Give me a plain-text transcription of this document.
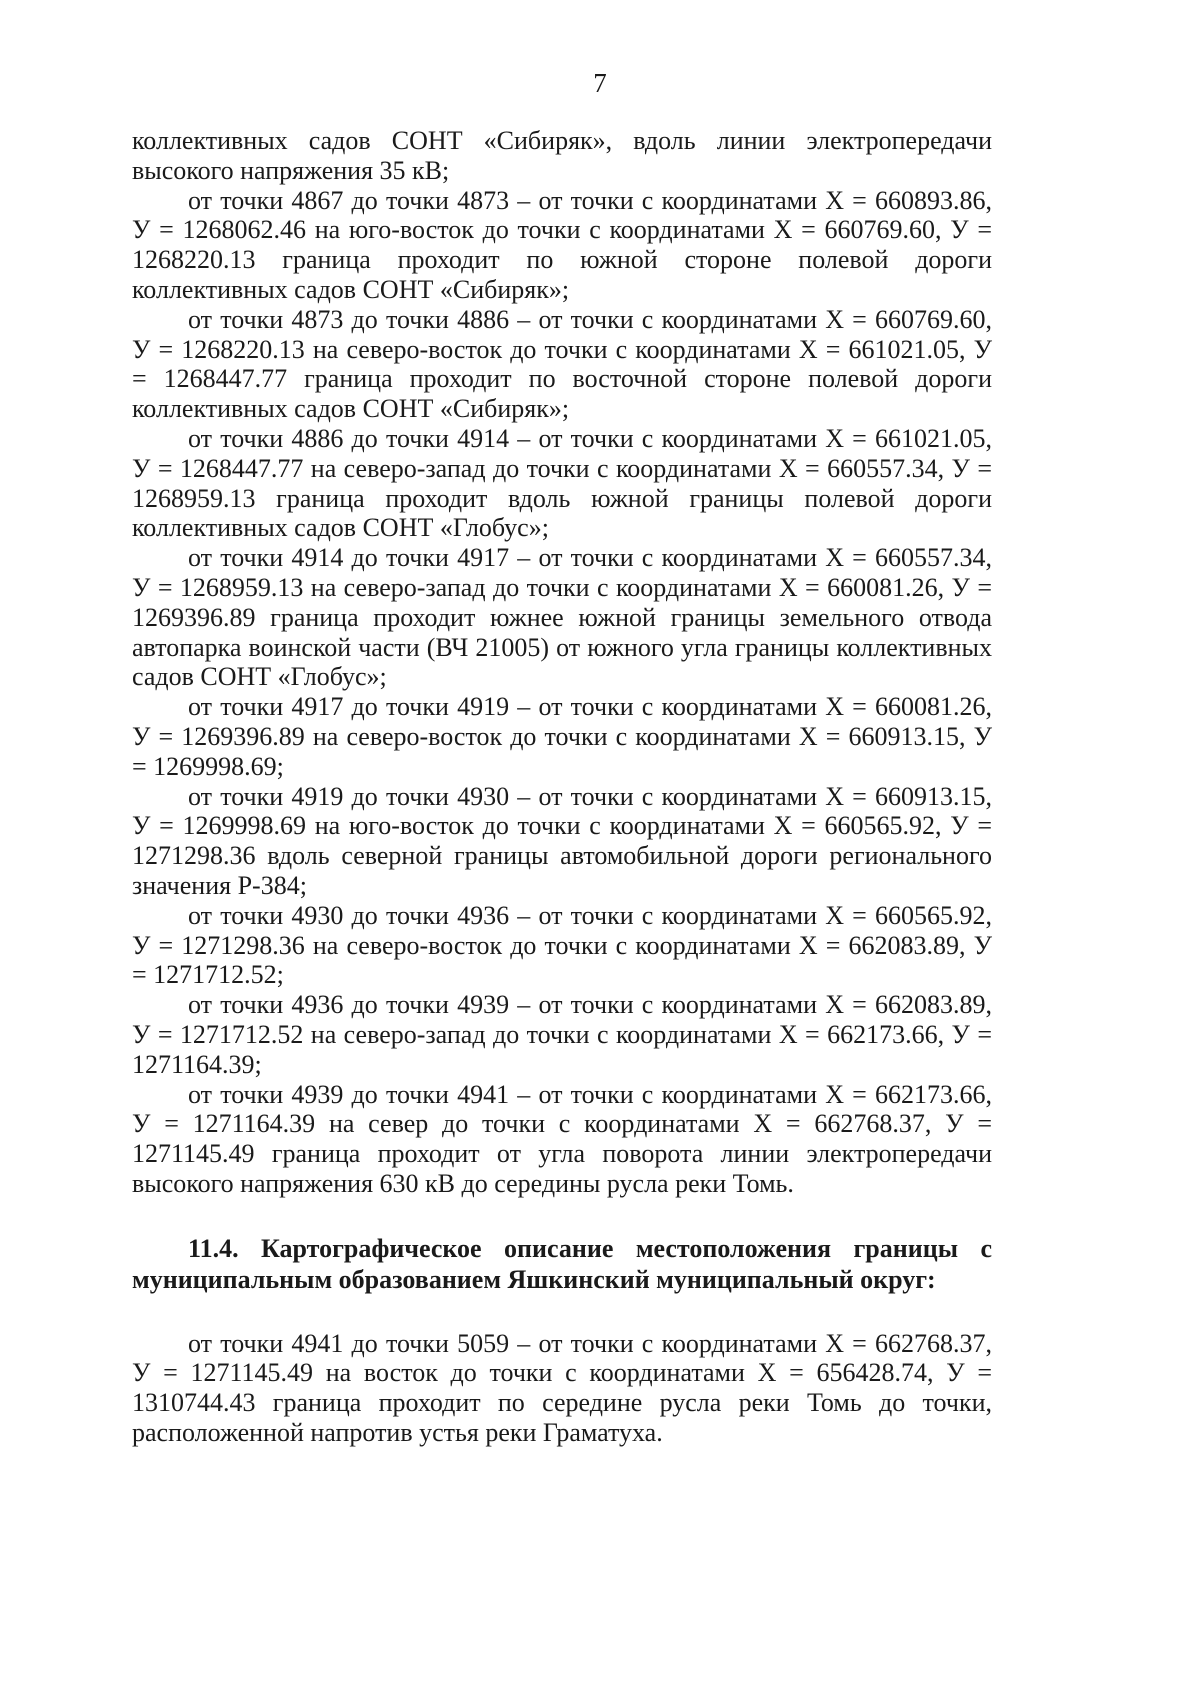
7

коллективных садов СОНТ «Сибиряк», вдоль линии электропередачи высокого напряжения 35 кВ;

от точки 4867 до точки 4873 – от точки с координатами Х = 660893.86, У = 1268062.46 на юго-восток до точки с координатами Х = 660769.60, У = 1268220.13 граница проходит по южной стороне полевой дороги коллективных садов СОНТ «Сибиряк»;

от точки 4873 до точки 4886 – от точки с координатами Х = 660769.60, У = 1268220.13 на северо-восток до точки с координатами Х = 661021.05, У = 1268447.77 граница проходит по восточной стороне полевой дороги коллективных садов СОНТ «Сибиряк»;

от точки 4886 до точки 4914 – от точки с координатами Х = 661021.05, У = 1268447.77 на северо-запад до точки с координатами Х = 660557.34, У = 1268959.13 граница проходит вдоль южной границы полевой дороги коллективных садов СОНТ «Глобус»;

от точки 4914 до точки 4917 – от точки с координатами Х = 660557.34, У = 1268959.13 на северо-запад до точки с координатами Х = 660081.26, У = 1269396.89 граница проходит южнее южной границы земельного отвода автопарка воинской части (ВЧ 21005) от южного угла границы коллективных садов СОНТ «Глобус»;

от точки 4917 до точки 4919 – от точки с координатами Х = 660081.26, У = 1269396.89 на северо-восток до точки с координатами Х = 660913.15, У = 1269998.69;

от точки 4919 до точки 4930 – от точки с координатами Х = 660913.15, У = 1269998.69 на юго-восток до точки с координатами Х = 660565.92, У = 1271298.36 вдоль северной границы автомобильной дороги регионального значения Р-384;

от точки 4930 до точки 4936 – от точки с координатами Х = 660565.92, У = 1271298.36 на северо-восток до точки с координатами Х = 662083.89, У = 1271712.52;

от точки 4936 до точки 4939 – от точки с координатами Х = 662083.89, У = 1271712.52 на северо-запад до точки с координатами Х = 662173.66, У = 1271164.39;

от точки 4939 до точки 4941 – от точки с координатами Х = 662173.66, У = 1271164.39 на север до точки с координатами Х = 662768.37, У = 1271145.49 граница проходит от угла поворота линии электропередачи высокого напряжения 630 кВ до середины русла реки Томь.

11.4. Картографическое описание местоположения границы с муниципальным образованием Яшкинский муниципальный округ:

от точки 4941 до точки 5059 – от точки с координатами Х = 662768.37, У = 1271145.49 на восток до точки с координатами Х = 656428.74, У = 1310744.43 граница проходит по середине русла реки Томь до точки, расположенной напротив устья реки Граматуха.
